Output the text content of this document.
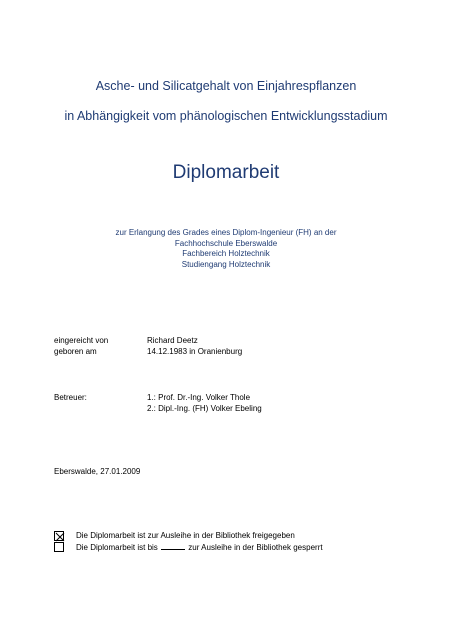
Asche- und Silicatgehalt von Einjahrespflanzen
in Abhängigkeit vom phänologischen Entwicklungsstadium
Diplomarbeit
zur Erlangung des Grades eines Diplom-Ingenieur (FH) an der
Fachhochschule Eberswalde
Fachbereich Holztechnik
Studiengang Holztechnik
eingereicht von	Richard Deetz
geboren am	14.12.1983 in Oranienburg
Betreuer:	1.: Prof. Dr.-Ing. Volker Thole
2.: Dipl.-Ing. (FH) Volker Ebeling
Eberswalde, 27.01.2009
Die Diplomarbeit ist zur Ausleihe in der Bibliothek freigegeben
Die Diplomarbeit ist bis	zur Ausleihe in der Bibliothek gesperrt
